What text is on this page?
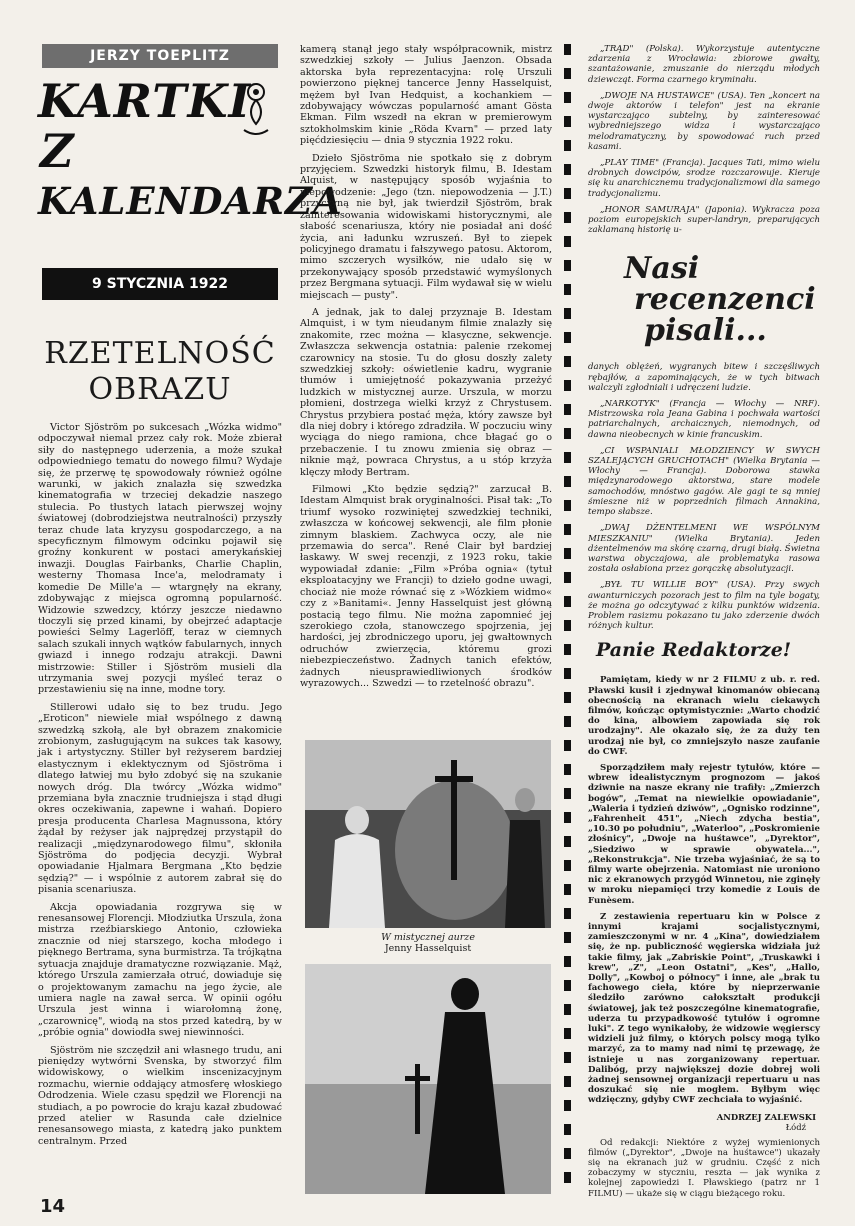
JERZY TOEPLITZ
KARTKI
Z
KALENDARZA
9 STYCZNIA 1922
RZETELNOŚĆ OBRAZU

Victor Sjöström po sukcesach „Wózka widmo" odpoczywał niemal przez cały rok. Może zbierał siły do następnego uderzenia, a może szukał odpowiedniego tematu do nowego filmu? Wydaje się, że przerwę tę spowodowały również ogólne warunki, w jakich znalazła się szwedzka kinematografia w trzeciej dekadzie naszego stulecia. Po tłustych latach pierwszej wojny światowej (dobrodziejstwa neutralności) przyszły teraz chude lata kryzysu gospodarczego, a na specyficznym filmowym odcinku pojawił się groźny konkurent w postaci amerykańskiej inwazji. Douglas Fairbanks, Charlie Chaplin, westerny Thomasa Ince'a, melodramaty i komedie De Mille'a — wtargnęły na ekrany, zdobywając z miejsca ogromną popularność. Widzowie szwedzcy, którzy jeszcze niedawno tłoczyli się przed kinami, by obejrzeć adaptacje powieści Selmy Lagerlöff, teraz w ciemnych salach szukali innych wątków fabularnych, innych gwiazd i innego rodzaju atrakcji. Dawni mistrzowie: Stiller i Sjöström musieli dla utrzymania swej pozycji myśleć teraz o przestawieniu się na inne, modne tory.

Stillerowi udało się to bez trudu. Jego „Eroticon" niewiele miał wspólnego z dawną szwedzką szkołą, ale był obrazem znakomicie zrobionym, zasługującym na sukces tak kasowy, jak i artystyczny. Stiller był reżyserem bardziej elastycznym i eklektycznym od Sjöströma i dlatego łatwiej mu było zdobyć się na szukanie nowych dróg. Dla twórcy „Wózka widmo" przemiana była znacznie trudniejsza i stąd długi okres oczekiwania, zapewne i wahań. Dopiero presja producenta Charlesa Magnussona, który żądał by reżyser jak najprędzej przystąpił do realizacji „międzynarodowego filmu", skłoniła Sjöströma do podjęcia decyzji. Wybrał opowiadanie Hjalmara Bergmana „Kto będzie sędzią?" — i wspólnie z autorem zabrał się do pisania scenariusza.

Akcja opowiadania rozgrywa się w renesansowej Florencji. Młodziutka Urszula, żona mistrza rzeźbiarskiego Antonio, człowieka znacznie od niej starszego, kocha młodego i pięknego Bertrama, syna burmistrza. Ta trójkątna sytuacja znajduje dramatyczne rozwiązanie. Mąż, którego Urszula zamierzała otruć, dowiaduje się o projektowanym zamachu na jego życie, ale umiera nagle na zawał serca. W opinii ogółu Urszula jest winna i wiarołomną żonę, „czarownicę", wiodą na stos przed katedrą, by w „próbie ognia" dowiodła swej niewinności.

Sjöström nie szczędził ani własnego trudu, ani pieniędzy wytwórni Svenska, by stworzyć film widowiskowy, o wielkim inscenizacyjnym rozmachu, wiernie oddający atmosferę włoskiego Odrodzenia. Wiele czasu spędził we Florencji na studiach, a po powrocie do kraju kazał zbudować przed atelier w Rasunda całe dzielnice renesansowego miasta, z katedrą jako punktem centralnym. Przed

kamerą stanął jego stały współpracownik, mistrz szwedzkiej szkoły — Julius Jaenzon. Obsada aktorska była reprezentacyjna: rolę Urszuli powierzono pięknej tancerce Jenny Hasselquist, mężem był Ivan Hedquist, a kochankiem — zdobywający wówczas popularność amant Gösta Ekman. Film wszedł na ekran w premierowym sztokholmskim kinie „Röda Kvarn" — przed laty pięćdziesięciu — dnia 9 stycznia 1922 roku.

Dzieło Sjöströma nie spotkało się z dobrym przyjęciem. Szwedzki historyk filmu, B. Idestam Alquist, w następujący sposób wyjaśnia to niepowodzenie: „Jego (tzn. niepowodzenia — J.T.) przyczyną nie był, jak twierdził Sjöström, brak zainteresowania widowiskami historycznymi, ale słabość scenariusza, który nie posiadał ani dość życia, ani ładunku wzruszeń. Był to ziepek policyjnego dramatu i fałszywego patosu. Aktorom, mimo szczerych wysiłków, nie udało się w przekonywający sposób przedstawić wymyślonych przez Bergmana sytuacji. Film wydawał się w wielu miejscach — pusty".

A jednak, jak to dalej przyznaje B. Idestam Almquist, i w tym nieudanym filmie znalazły się znakomite, rzec można — klasyczne, sekwencje. Zwłaszcza sekwencja ostatnia: palenie rzekomej czarownicy na stosie. Tu do głosu doszły zalety szwedzkiej szkoły: oświetlenie kadru, wygranie tłumów i umiejętność pokazywania przeżyć ludzkich w mistycznej aurze. Urszula, w morzu płomieni, dostrzega wielki krzyż z Chrystusem. Chrystus przybiera postać męża, który zawsze był dla niej dobry i którego zdradziła. W poczuciu winy wyciąga do niego ramiona, chce błagać go o przebaczenie. I tu znowu zmienia się obraz — niknie mąż, powraca Chrystus, a u stóp krzyża klęczy młody Bertram.

Filmowi „Kto będzie sędzią?" zarzucał B. Idestam Almquist brak oryginalności. Pisał tak: „To triumf wysoko rozwiniętej szwedzkiej techniki, zwłaszcza w końcowej sekwencji, ale film płonie zimnym blaskiem. Zachwyca oczy, ale nie przemawia do serca". René Clair był bardziej łaskawy. W swej recenzji, z 1923 roku, takie wypowiadał zdanie: „Film »Próba ognia« (tytuł eksploatacyjny we Francji) to dzieło godne uwagi, chociaż nie może równać się z »Wózkiem widmo« czy z »Banitami«. Jenny Hasselquist jest główną postacią tego filmu. Nie można zapomnieć jej szerokiego czoła, stanowczego spojrzenia, jej hardości, jej zbrodniczego uporu, jej gwałtownych odruchów zwierzęcia, któremu grozi niebezpieczeństwo. Żadnych tanich efektów, żadnych nieusprawiedliwionych środków wyrazowych... Szwedzi — to rzetelność obrazu".

W mistycznej aurze
Jenny Hasselquist

„TRĄD" (Polska). Wykorzystuje autentyczne zdarzenia z Wrocławia: zbiorowe gwałty, szantażowanie, zmuszanie do nierządu młodych dziewcząt. Forma czarnego kryminału.

„DWOJE NA HUSTAWCE" (USA). Ten „koncert na dwoje aktorów i telefon" jest na ekranie wystarczająco subtelny, by zainteresować wybredniejszego widza i wystarczająco melodramatyczny, by spowodować ruch przed kasami.

„PLAY TIME" (Francja). Jacques Tati, mimo wielu drobnych dowcipów, srodze rozczarowuje. Kieruje się ku anarchicznemu tradycjonalizmowi dla samego tradycjonalizmu.

„HONOR SAMURAJA" (Japonia). Wykracza poza poziom europejskich super-landryn, preparujących zaklamaną historię u-

Nasi
recenzenci
pisali...

danych oblężeń, wygranych bitew i szczęśliwych rębajłów, a zapominających, że w tych bitwach walczyli zgłodniali i udręczeni ludzie.

„NARKOTYK" (Francja — Włochy — NRF). Mistrzowska rola Jeana Gabina i pochwała wartości patriarchalnych, archaicznych, niemodnych, od dawna nieobecnych w kinie francuskim.

„CI WSPANIALI MŁODZIENCY W SWYCH SZALEJĄCYCH GRUCHOTACH" (Wielka Brytania — Włochy — Francja). Doborowa stawka międzynarodowego aktorstwa, stare modele samochodów, mnóstwo gagów. Ale gagi te są mniej śmieszne niż w poprzednich filmach Annakina, tempo słabsze.

„DWAJ DŻENTELMENI WE WSPÓLNYM MIESZKANIU" (Wielka Brytania). Jeden dżentelmenów ma skórę czarną, drugi białą. Świetna warstwa obyczajowa, ale problematyka rasowa została osłabiona przez gorączkę absolutyzacji.

„BYŁ TU WILLIE BOY" (USA). Przy swych awanturniczych pozorach jest to film na tyle bogaty, że można go odczytywać z kilku punktów widzenia. Problem rasizmu pokazano tu jako zderzenie dwóch różnych kultur.

Panie Redaktorze!

Pamiętam, kiedy w nr 2 FILMU z ub. r. red. Pławski kusił i zjednywał kinomanów obiecaną obecnością na ekranach wielu ciekawych filmów, kończąc optymistycznie: „Warto chodzić do kina, albowiem zapowiada się rok urodzajny". Ale okazało się, że za duży ten urodzaj nie był, co zmniejszyło nasze zaufanie do CWF.

Sporządziłem mały rejestr tytułów, które — wbrew idealistycznym prognozom — jakoś dziwnie na nasze ekrany nie trafiły: „Zmierzch bogów", „Temat na niewielkie opowiadanie", „Waleria i tydzień dziwów", „Ognisko rodzinne", „Fahrenheit 451", „Niech zdycha bestia", „10.30 po południu", „Waterloo", „Poskromienie złośnicy", „Dwoje na huśtawce", „Dyrektor", „Siedziwo w sprawie obywatela...", „Rekonstrukcja". Nie trzeba wyjaśniać, że są to filmy warte obejrzenia. Natomiast nie uroniono nic z ekranowych przygód Winnetou, nie zginęły w mroku niepamięci trzy komedie z Louis de Funèsem.

Z zestawienia repertuaru kin w Polsce z innymi krajami socjalistycznymi, zamieszczonymi w nr. 4 „Kina", dowiedziałem się, że np. publiczność węgierska widziała już takie filmy, jak „Zabriskie Point", „Truskawki i krew", „Z", „Leon Ostatni", „Kes", „Hallo, Dolly", „Kowboj o północy" i inne, ale „brak tu fachowego cieła, które by nieprzerwanie śledziło zarówno całokształt produkcji światowej, jak też poszczególne kinematografie, uderza tu przypadkowość tytułów i ogromne luki". Z tego wynikałoby, że widzowie węgierscy widzieli już filmy, o których polscy mogą tylko marzyć, za to mamy nad nimi tę przewagę, że istnieje u nas zorganizowany repertuar. Dalibóg, przy największej dozie dobrej woli żadnej sensownej organizacji repertuaru u nas doszukać się nie mogłem. Byłbym więc wdzięczny, gdyby CWF zechciała to wyjaśnić.

ANDRZEJ ZALEWSKI
Łódź

Od redakcji: Niektóre z wyżej wymienionych filmów („Dyrektor", „Dwoje na huśtawce") ukazały się na ekranach już w grudniu. Część z nich zobaczymy w styczniu, reszta — jak wynika z kolejnej zapowiedzi I. Pławskiego (patrz nr 1 FILMU) — ukaże się w ciągu bieżącego roku.

14
